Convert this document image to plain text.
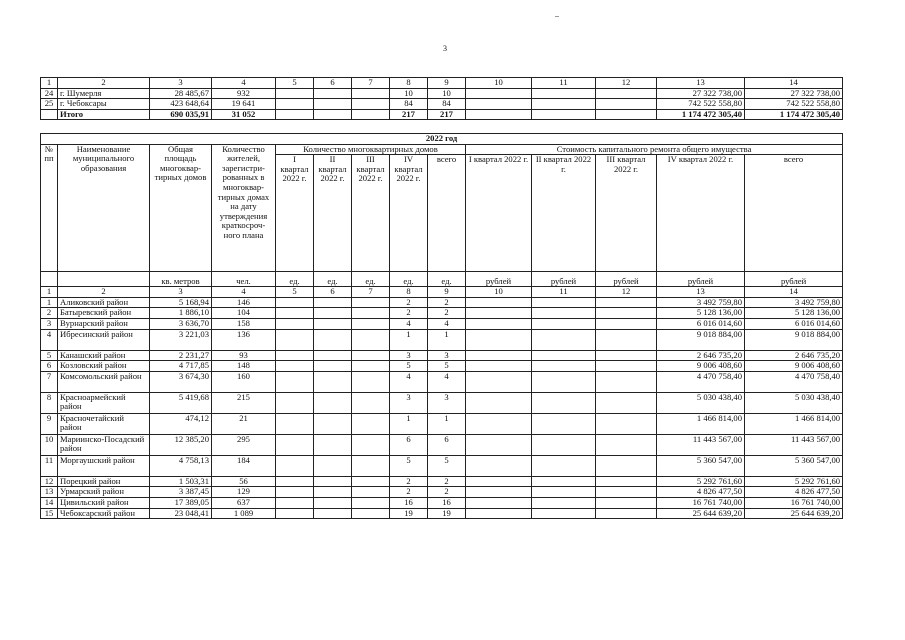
3
1	2	3	4	5	6	7	8	9	10	11	12	13	14
24	г. Шумерля	28 485,67	932				10	10				27 322 738,00	27 322 738,00
25	г. Чебоксары	423 648,64	19 641				84	84				742 522 558,80	742 522 558,80
	Итого	690 035,91	31 052				217	217				1 174 472 305,40	1 174 472 305,40
2022 год													
№ пп	Наименование муниципального образования	Общая площадь многоквар-тирных домов	Количество жителей, зарегистри-рованных в многоквар-тирных домах на дату утверждения краткосроч-ного плана	Количество многоквартирных домов					Стоимость капитального ремонта общего имущества				
				I квартал 2022 г.	II квартал 2022 г.	III квартал 2022 г.	IV квартал 2022 г.	всего	I квартал 2022 г.	II квартал 2022 г.	III квартал 2022 г.	IV квартал 2022 г.	всего
		кв. метров	чел.	ед.	ед.	ед.	ед.	ед.	рублей	рублей	рублей	рублей	рублей
1	2	3	4	5	6	7	8	9	10	11	12	13	14
1	Аликовский район	5 168,94	146				2	2				3 492 759,80	3 492 759,80
2	Батыревский район	1 886,10	104				2	2				5 128 136,00	5 128 136,00
3	Вурнарский район	3 636,70	158				4	4				6 016 014,60	6 016 014,60
4	Ибресинский район	3 221,03	136				1	1				9 018 884,00	9 018 884,00
5	Канашский район	2 231,27	93				3	3				2 646 735,20	2 646 735,20
6	Козловский район	4 717,85	148				5	5				9 006 408,60	9 006 408,60
7	Комсомольский район	3 674,30	160				4	4				4 470 758,40	4 470 758,40
8	Красноармейский район	5 419,68	215				3	3				5 030 438,40	5 030 438,40
9	Красночетайский район	474,12	21				1	1				1 466 814,00	1 466 814,00
10	Мариинско-Посадский район	12 385,20	295				6	6				11 443 567,00	11 443 567,00
11	Моргаушский район	4 758,13	184				5	5				5 360 547,00	5 360 547,00
12	Порецкий район	1 503,31	56				2	2				5 292 761,60	5 292 761,60
13	Урмарский район	3 387,45	129				2	2				4 826 477,50	4 826 477,50
14	Цивильский район	17 389,05	637				16	16				16 761 740,00	16 761 740,00
15	Чебоксарский район	23 048,41	1 089				19	19				25 644 639,20	25 644 639,20
